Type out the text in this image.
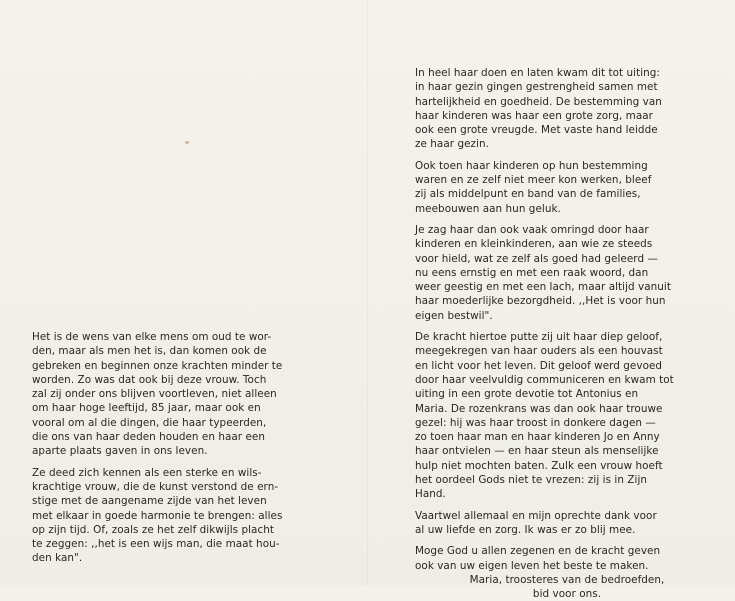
Het is de wens van elke mens om oud te wor-

den, maar als men het is, dan komen ook de

gebreken en beginnen onze krachten minder te

worden. Zo was dat ook bij deze vrouw. Toch

zal zij onder ons blijven voortleven, niet alleen

om haar hoge leeftijd, 85 jaar, maar ook en

vooral om al die dingen, die haar typeerden,

die ons van haar deden houden en haar een

aparte plaats gaven in ons leven.

Ze deed zich kennen als een sterke en wils-

krachtige vrouw, die de kunst verstond de ern-

stige met de aangename zijde van het leven

met elkaar in goede harmonie te brengen: alles

op zijn tijd. Of, zoals ze het zelf dikwijls placht

te zeggen: ,,het is een wijs man, die maat hou-

den kan".

In heel haar doen en laten kwam dit tot uiting:

in haar gezin gingen gestrengheid samen met

hartelijkheid en goedheid. De bestemming van

haar kinderen was haar een grote zorg, maar

ook een grote vreugde. Met vaste hand leidde

ze haar gezin.

Ook toen haar kinderen op hun bestemming

waren en ze zelf niet meer kon werken, bleef

zij als middelpunt en band van de families,

meebouwen aan hun geluk.

Je zag haar dan ook vaak omringd door haar

kinderen en kleinkinderen, aan wie ze steeds

voor hield, wat ze zelf als goed had geleerd —

nu eens ernstig en met een raak woord, dan

weer geestig en met een lach, maar altijd vanuit

haar moederlijke bezorgdheid. ,,Het is voor hun

eigen bestwil".

De kracht hiertoe putte zij uit haar diep geloof,

meegekregen van haar ouders als een houvast

en licht voor het leven. Dit geloof werd gevoed

door haar veelvuldig communiceren en kwam tot

uiting in een grote devotie tot Antonius en

Maria. De rozenkrans was dan ook haar trouwe

gezel: hij was haar troost in donkere dagen —

zo toen haar man en haar kinderen Jo en Anny

haar ontvielen — en haar steun als menselijke

hulp niet mochten baten. Zulk een vrouw hoeft

het oordeel Gods niet te vrezen: zij is in Zijn

Hand.

Vaartwel allemaal en mijn oprechte dank voor

al uw liefde en zorg. Ik was er zo blij mee.

Moge God u allen zegenen en de kracht geven

ook van uw eigen leven het beste te maken.

Maria, troosteres van de bedroefden,

bid voor ons.
